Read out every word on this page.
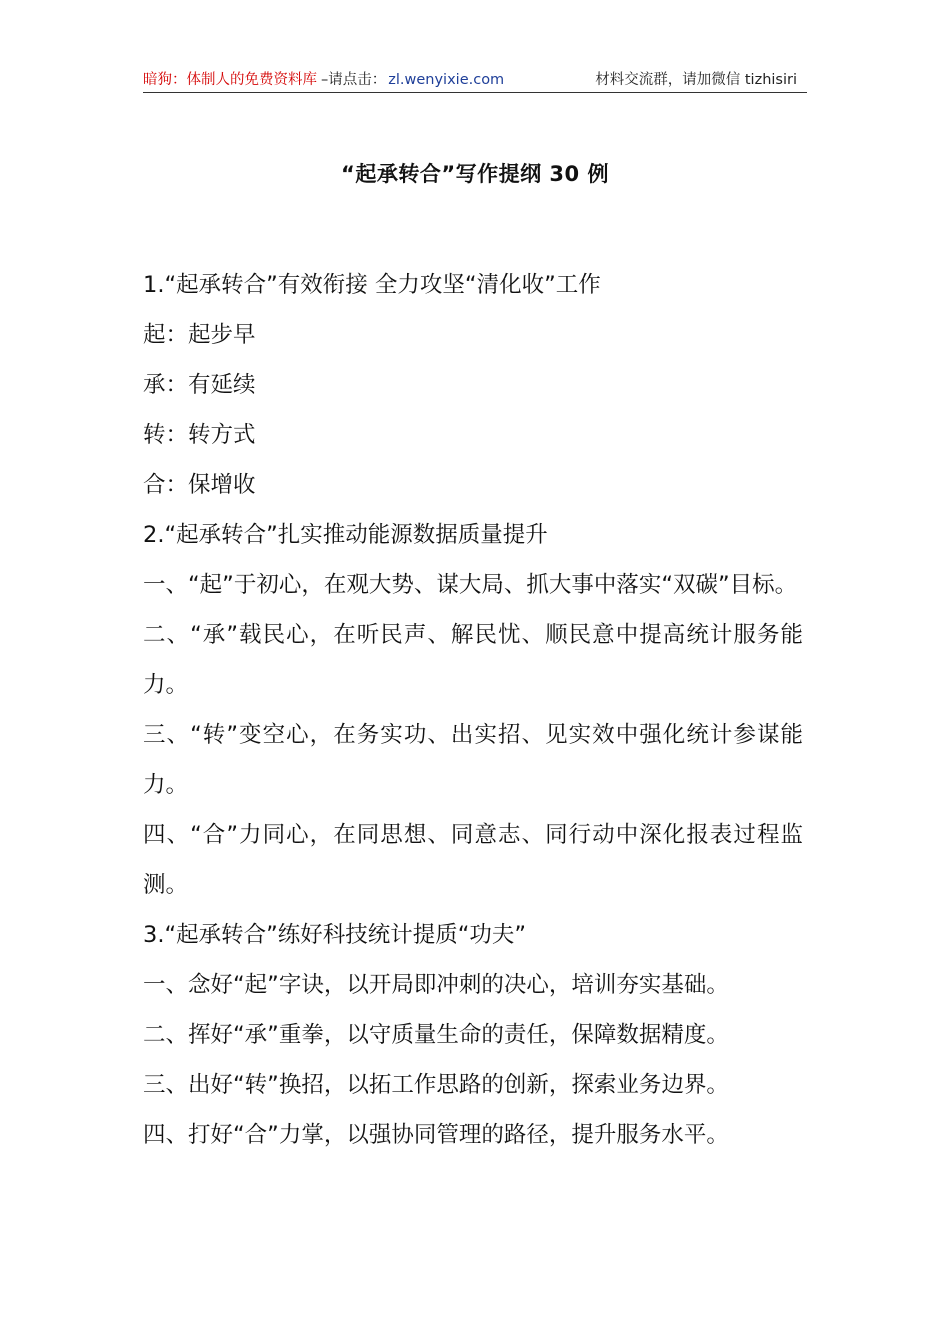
暗狗：体制人的免费资料库 –请点击： zl.wenyixie.com	材料交流群，请加微信 tizhisiri
“起承转合”写作提纲 30 例

1.“起承转合”有效衔接 全力攻坚“清化收”工作

起：起步早

承：有延续

转：转方式

合：保增收

2.“起承转合”扎实推动能源数据质量提升

一、“起”于初心，在观大势、谋大局、抓大事中落实“双碳”目标。

二、“承”载民心，在听民声、解民忧、顺民意中提高统计服务能力。

三、“转”变空心，在务实功、出实招、见实效中强化统计参谋能力。

四、“合”力同心，在同思想、同意志、同行动中深化报表过程监测。

3.“起承转合”练好科技统计提质“功夫”

一、念好“起”字诀，以开局即冲刺的决心，培训夯实基础。

二、挥好“承”重拳，以守质量生命的责任，保障数据精度。

三、出好“转”换招，以拓工作思路的创新，探索业务边界。

四、打好“合”力掌，以强协同管理的路径，提升服务水平。
